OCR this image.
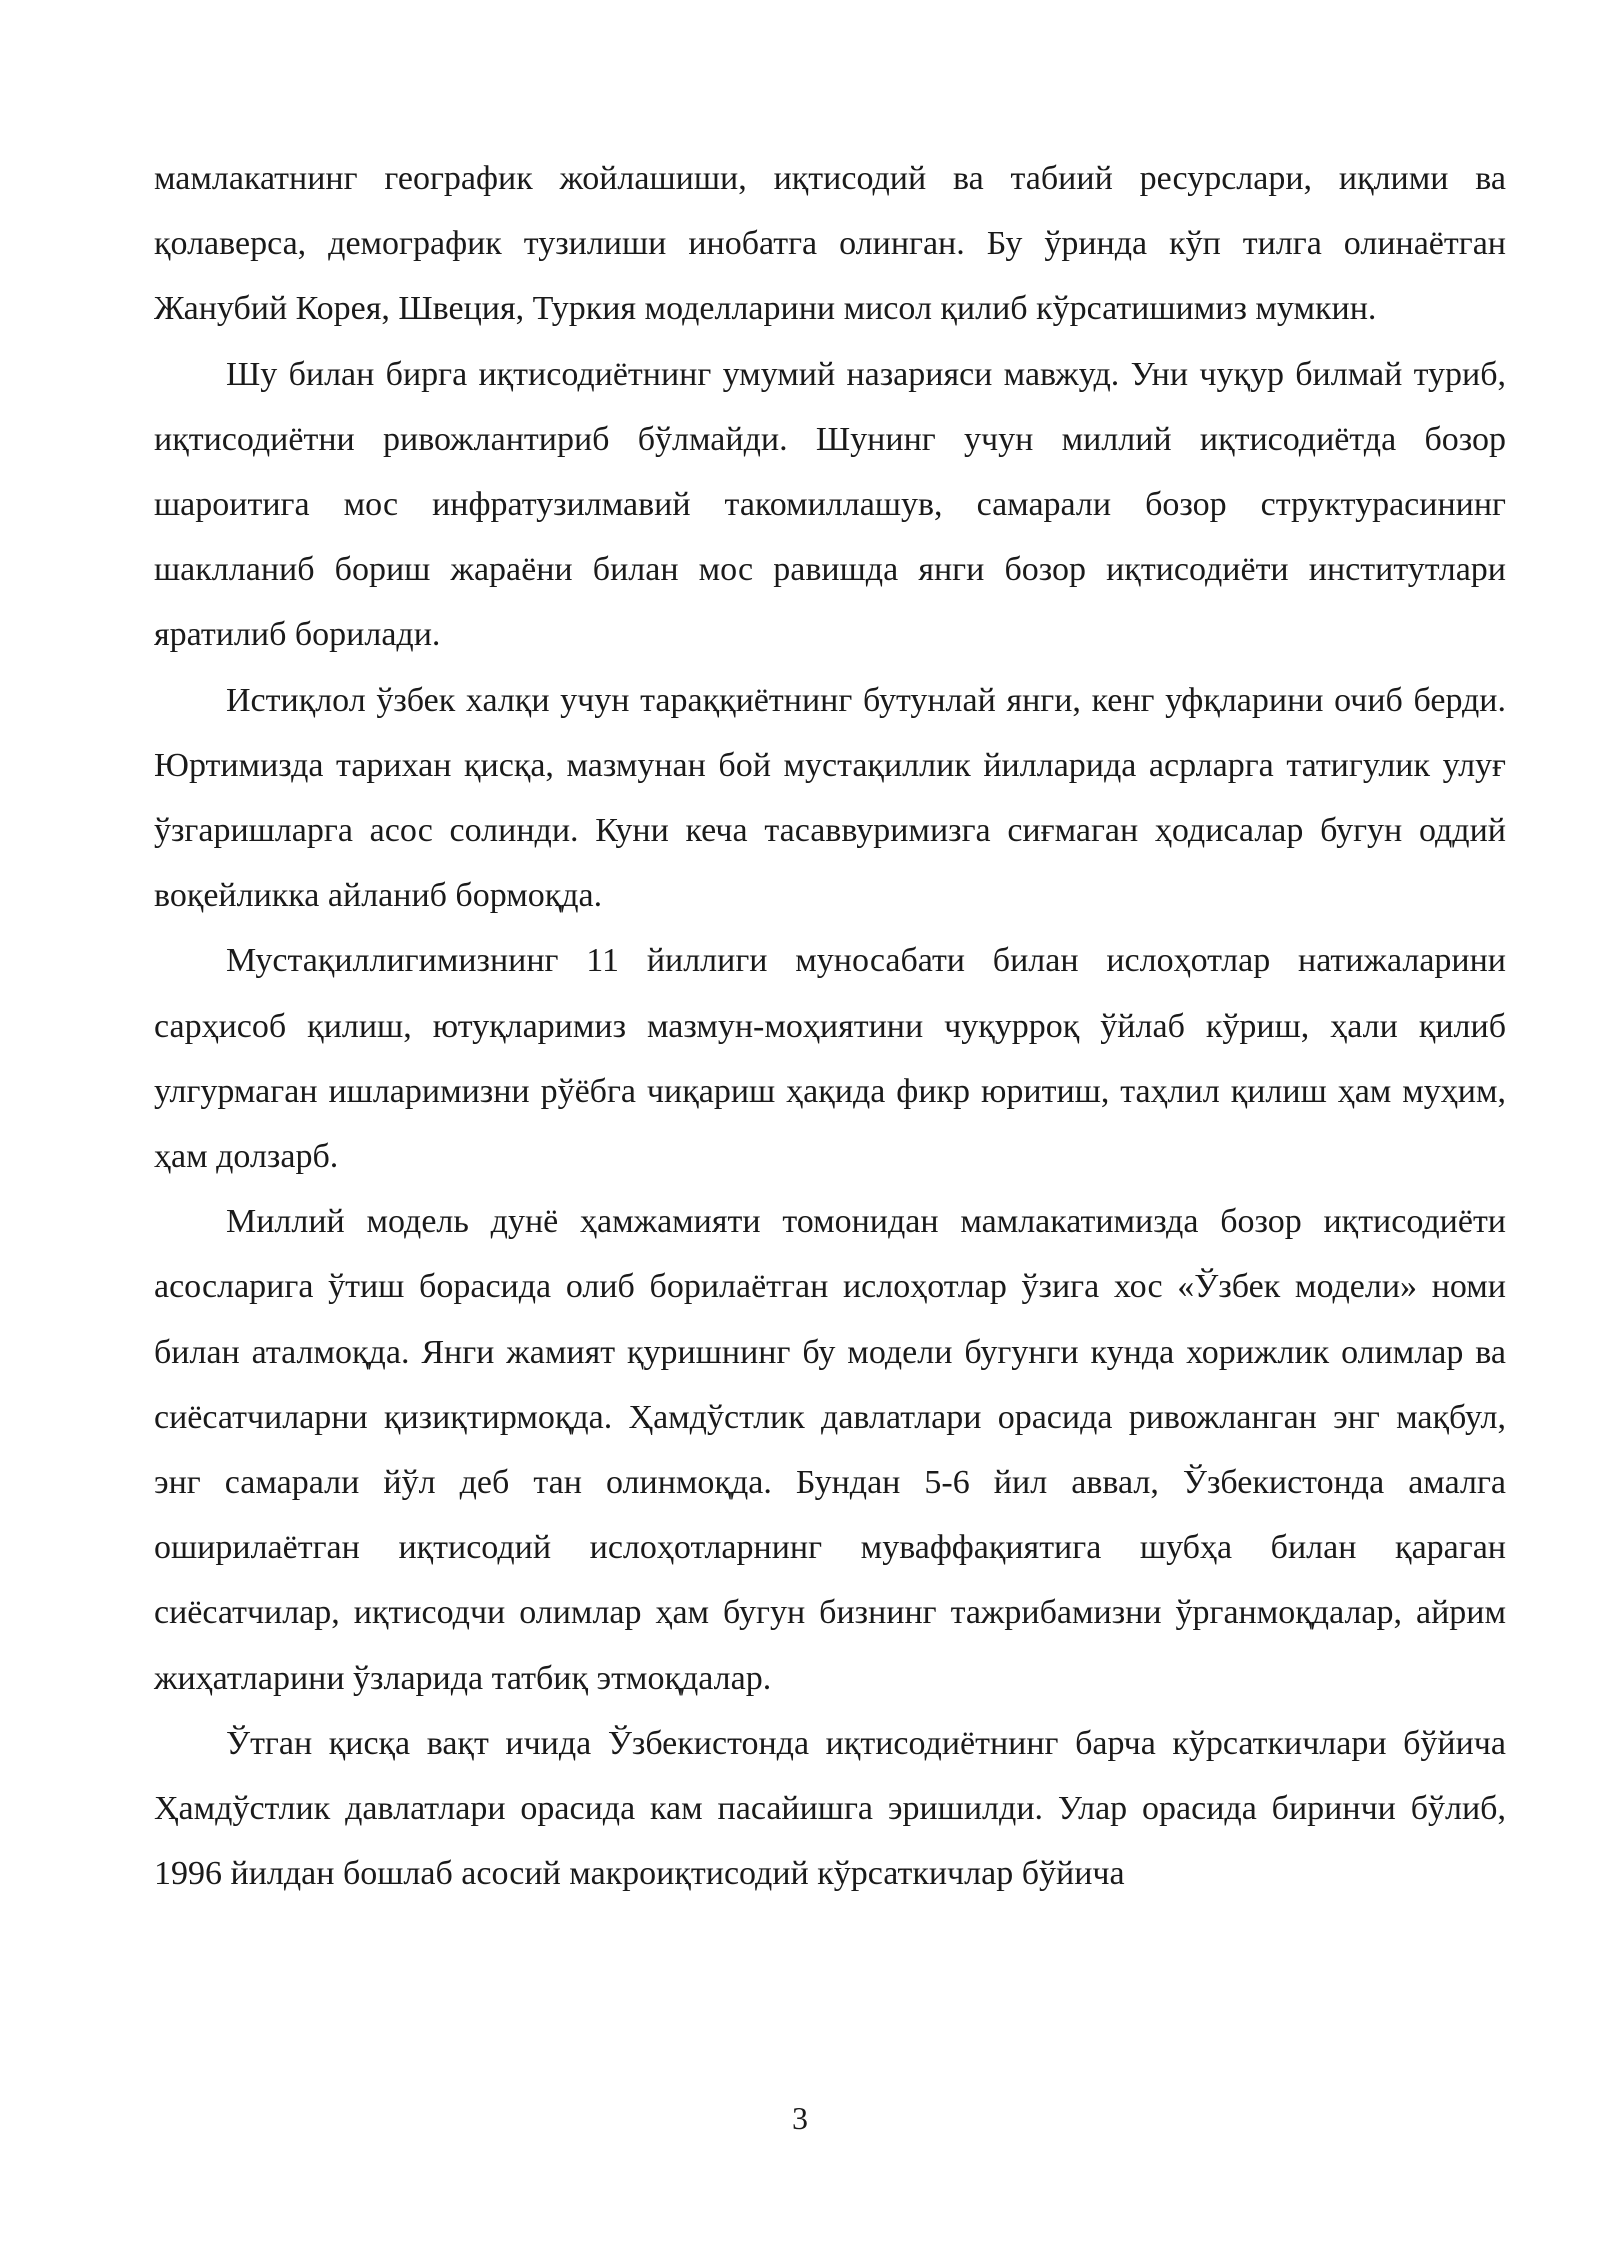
мамлакатнинг географик жойлашиши, иқтисодий ва табиий ресурслари, иқлими ва қолаверса, демографик тузилиши инобатга олинган. Бу ўринда кўп тилга олинаётган Жанубий Корея, Швеция, Туркия моделларини мисол қилиб кўрсатишимиз мумкин.

Шу билан бирга иқтисодиётнинг умумий назарияси мавжуд. Уни чуқур билмай туриб, иқтисодиётни ривожлантириб бўлмайди. Шунинг учун миллий иқтисодиётда бозор шароитига мос инфратузилмавий такомиллашув, самарали бозор структурасининг шаклланиб бориш жараёни билан мос равишда янги бозор иқтисодиёти институтлари яратилиб борилади.

Истиқлол ўзбек халқи учун тараққиётнинг бутунлай янги, кенг уфқларини очиб берди. Юртимизда тарихан қисқа, мазмунан бой мустақиллик йилларида асрларга татигулик улуғ ўзгаришларга асос солинди. Куни кеча тасаввуримизга сиғмаган ҳодисалар бугун оддий воқейликка айланиб бормоқда.

Мустақиллигимизнинг 11 йиллиги муносабати билан ислоҳотлар натижаларини сарҳисоб қилиш, ютуқларимиз мазмун-моҳиятини чуқурроқ ўйлаб кўриш, ҳали қилиб улгурмаган ишларимизни рўёбга чиқариш ҳақида фикр юритиш, таҳлил қилиш ҳам муҳим, ҳам долзарб.

Миллий модель дунё ҳамжамияти томонидан мамлакатимизда бозор иқтисодиёти асосларига ўтиш борасида олиб борилаётган ислоҳотлар ўзига хос «Ўзбек модели» номи билан аталмоқда. Янги жамият қуришнинг бу модели бугунги кунда хорижлик олимлар ва сиёсатчиларни қизиқтирмоқда. Ҳамдўстлик давлатлари орасида ривожланган энг мақбул, энг самарали йўл деб тан олинмоқда. Бундан 5-6 йил аввал, Ўзбекистонда амалга оширилаётган иқтисодий ислоҳотларнинг муваффақиятига шубҳа билан қараган сиёсатчилар, иқтисодчи олимлар ҳам бугун бизнинг тажрибамизни ўрганмоқдалар, айрим жиҳатларини ўзларида татбиқ этмоқдалар.

Ўтган қисқа вақт ичида Ўзбекистонда иқтисодиётнинг барча кўрсаткичлари бўйича Ҳамдўстлик давлатлари орасида кам пасайишга эришилди. Улар орасида биринчи бўлиб, 1996 йилдан бошлаб асосий макроиқтисодий кўрсаткичлар бўйича

3
